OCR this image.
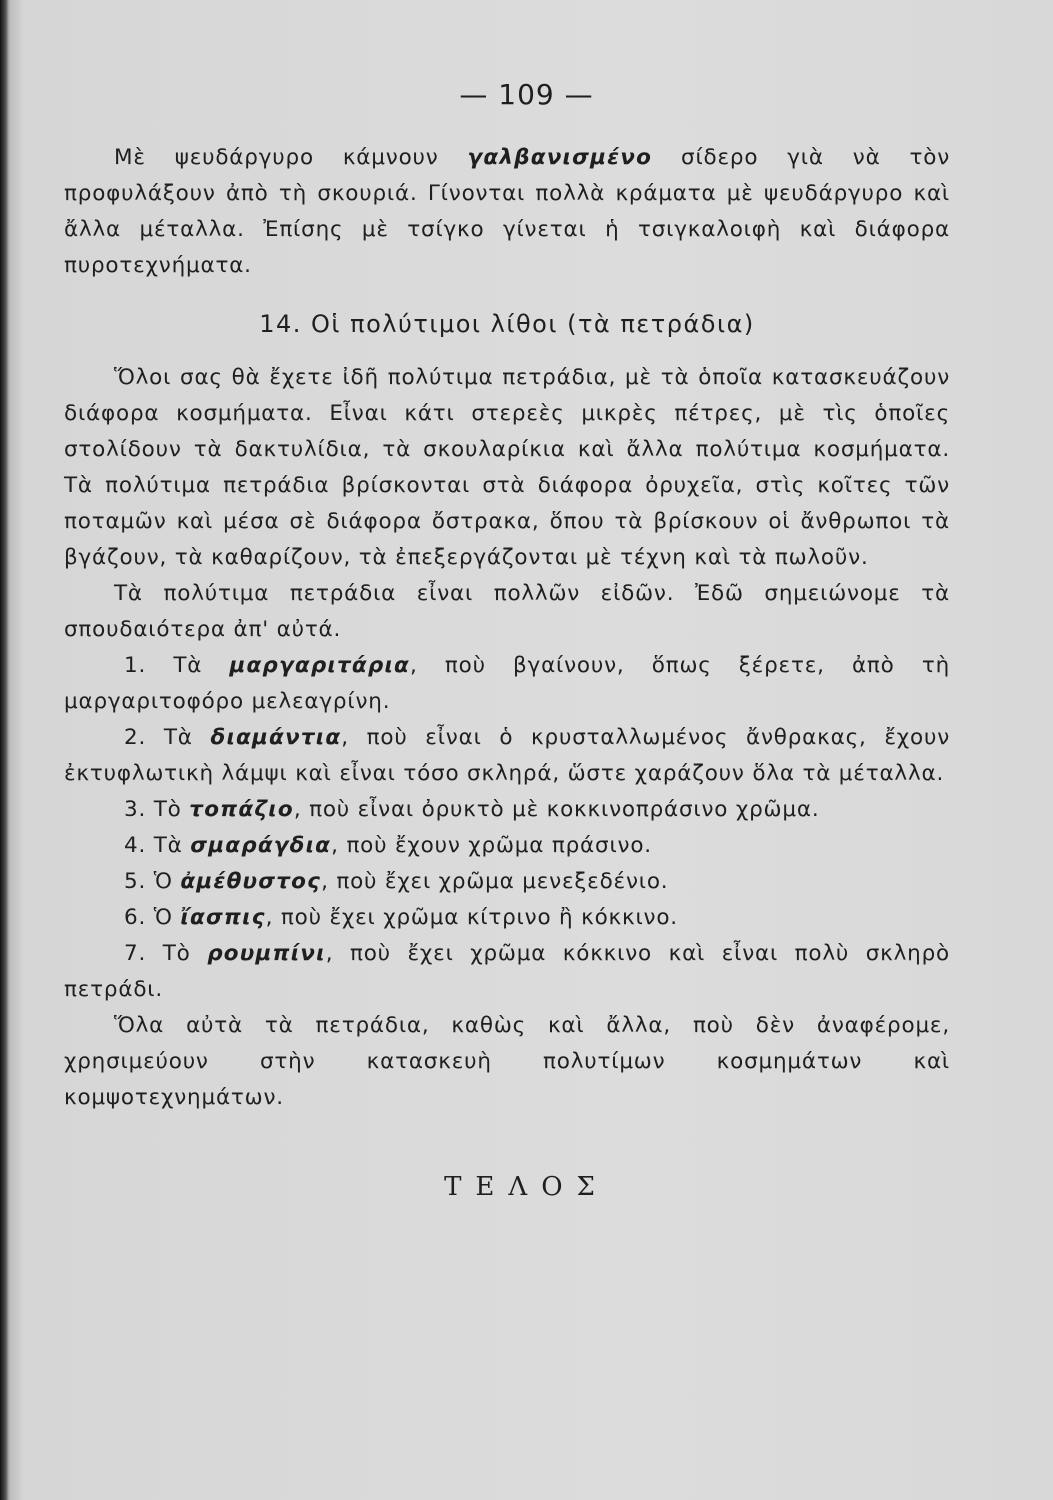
— 109 —

Μὲ ψευδάργυρο κάμνουν γαλβανισμένο σίδερο γιὰ νὰ τὸν προφυλάξουν ἀπὸ τὴ σκουριά. Γίνονται πολλὰ κράματα μὲ ψευδάργυρο καὶ ἄλλα μέταλλα. Ἐπίσης μὲ τσίγκο γίνεται ἡ τσιγκαλοιφὴ καὶ διάφορα πυροτεχνήματα.

14. Οἱ πολύτιμοι λίθοι (τὰ πετράδια)

Ὅλοι σας θὰ ἔχετε ἰδῆ πολύτιμα πετράδια, μὲ τὰ ὁποῖα κατασκευάζουν διάφορα κοσμήματα. Εἶναι κάτι στερεὲς μικρὲς πέτρες, μὲ τὶς ὁποῖες στολίδουν τὰ δακτυλίδια, τὰ σκουλαρίκια καὶ ἄλλα πολύτιμα κοσμήματα. Τὰ πολύτιμα πετράδια βρίσκονται στὰ διάφορα ὀρυχεῖα, στὶς κοῖτες τῶν ποταμῶν καὶ μέσα σὲ διάφορα ὄστρακα, ὅπου τὰ βρίσκουν οἱ ἄνθρωποι τὰ βγάζουν, τὰ καθαρίζουν, τὰ ἐπεξεργάζονται μὲ τέχνη καὶ τὰ πωλοῦν.

Τὰ πολύτιμα πετράδια εἶναι πολλῶν εἰδῶν. Ἐδῶ σημειώνομε τὰ σπουδαιότερα ἀπ' αὐτά.

1. Τὰ μαργαριτάρια, ποὺ βγαίνουν, ὅπως ξέρετε, ἀπὸ τὴ μαργαριτοφόρο μελεαγρίνη.

2. Τὰ διαμάντια, ποὺ εἶναι ὁ κρυσταλλωμένος ἄνθρακας, ἔχουν ἐκτυφλωτικὴ λάμψι καὶ εἶναι τόσο σκληρά, ὥστε χαράζουν ὅλα τὰ μέταλλα.

3. Τὸ τοπάζιο, ποὺ εἶναι ὀρυκτὸ μὲ κοκκινοπράσινο χρῶμα.

4. Τὰ σμαράγδια, ποὺ ἔχουν χρῶμα πράσινο.

5. Ὁ ἀμέθυστος, ποὺ ἔχει χρῶμα μενεξεδένιο.

6. Ὁ ἴασπις, ποὺ ἔχει χρῶμα κίτρινο ἢ κόκκινο.

7. Τὸ ρουμπίνι, ποὺ ἔχει χρῶμα κόκκινο καὶ εἶναι πολὺ σκληρὸ πετράδι.

Ὅλα αὐτὰ τὰ πετράδια, καθὼς καὶ ἄλλα, ποὺ δὲν ἀναφέρομε, χρησιμεύουν στὴν κατασκευὴ πολυτίμων κοσμημάτων καὶ κομψοτεχνημάτων.

ΤΕΛΟΣ
